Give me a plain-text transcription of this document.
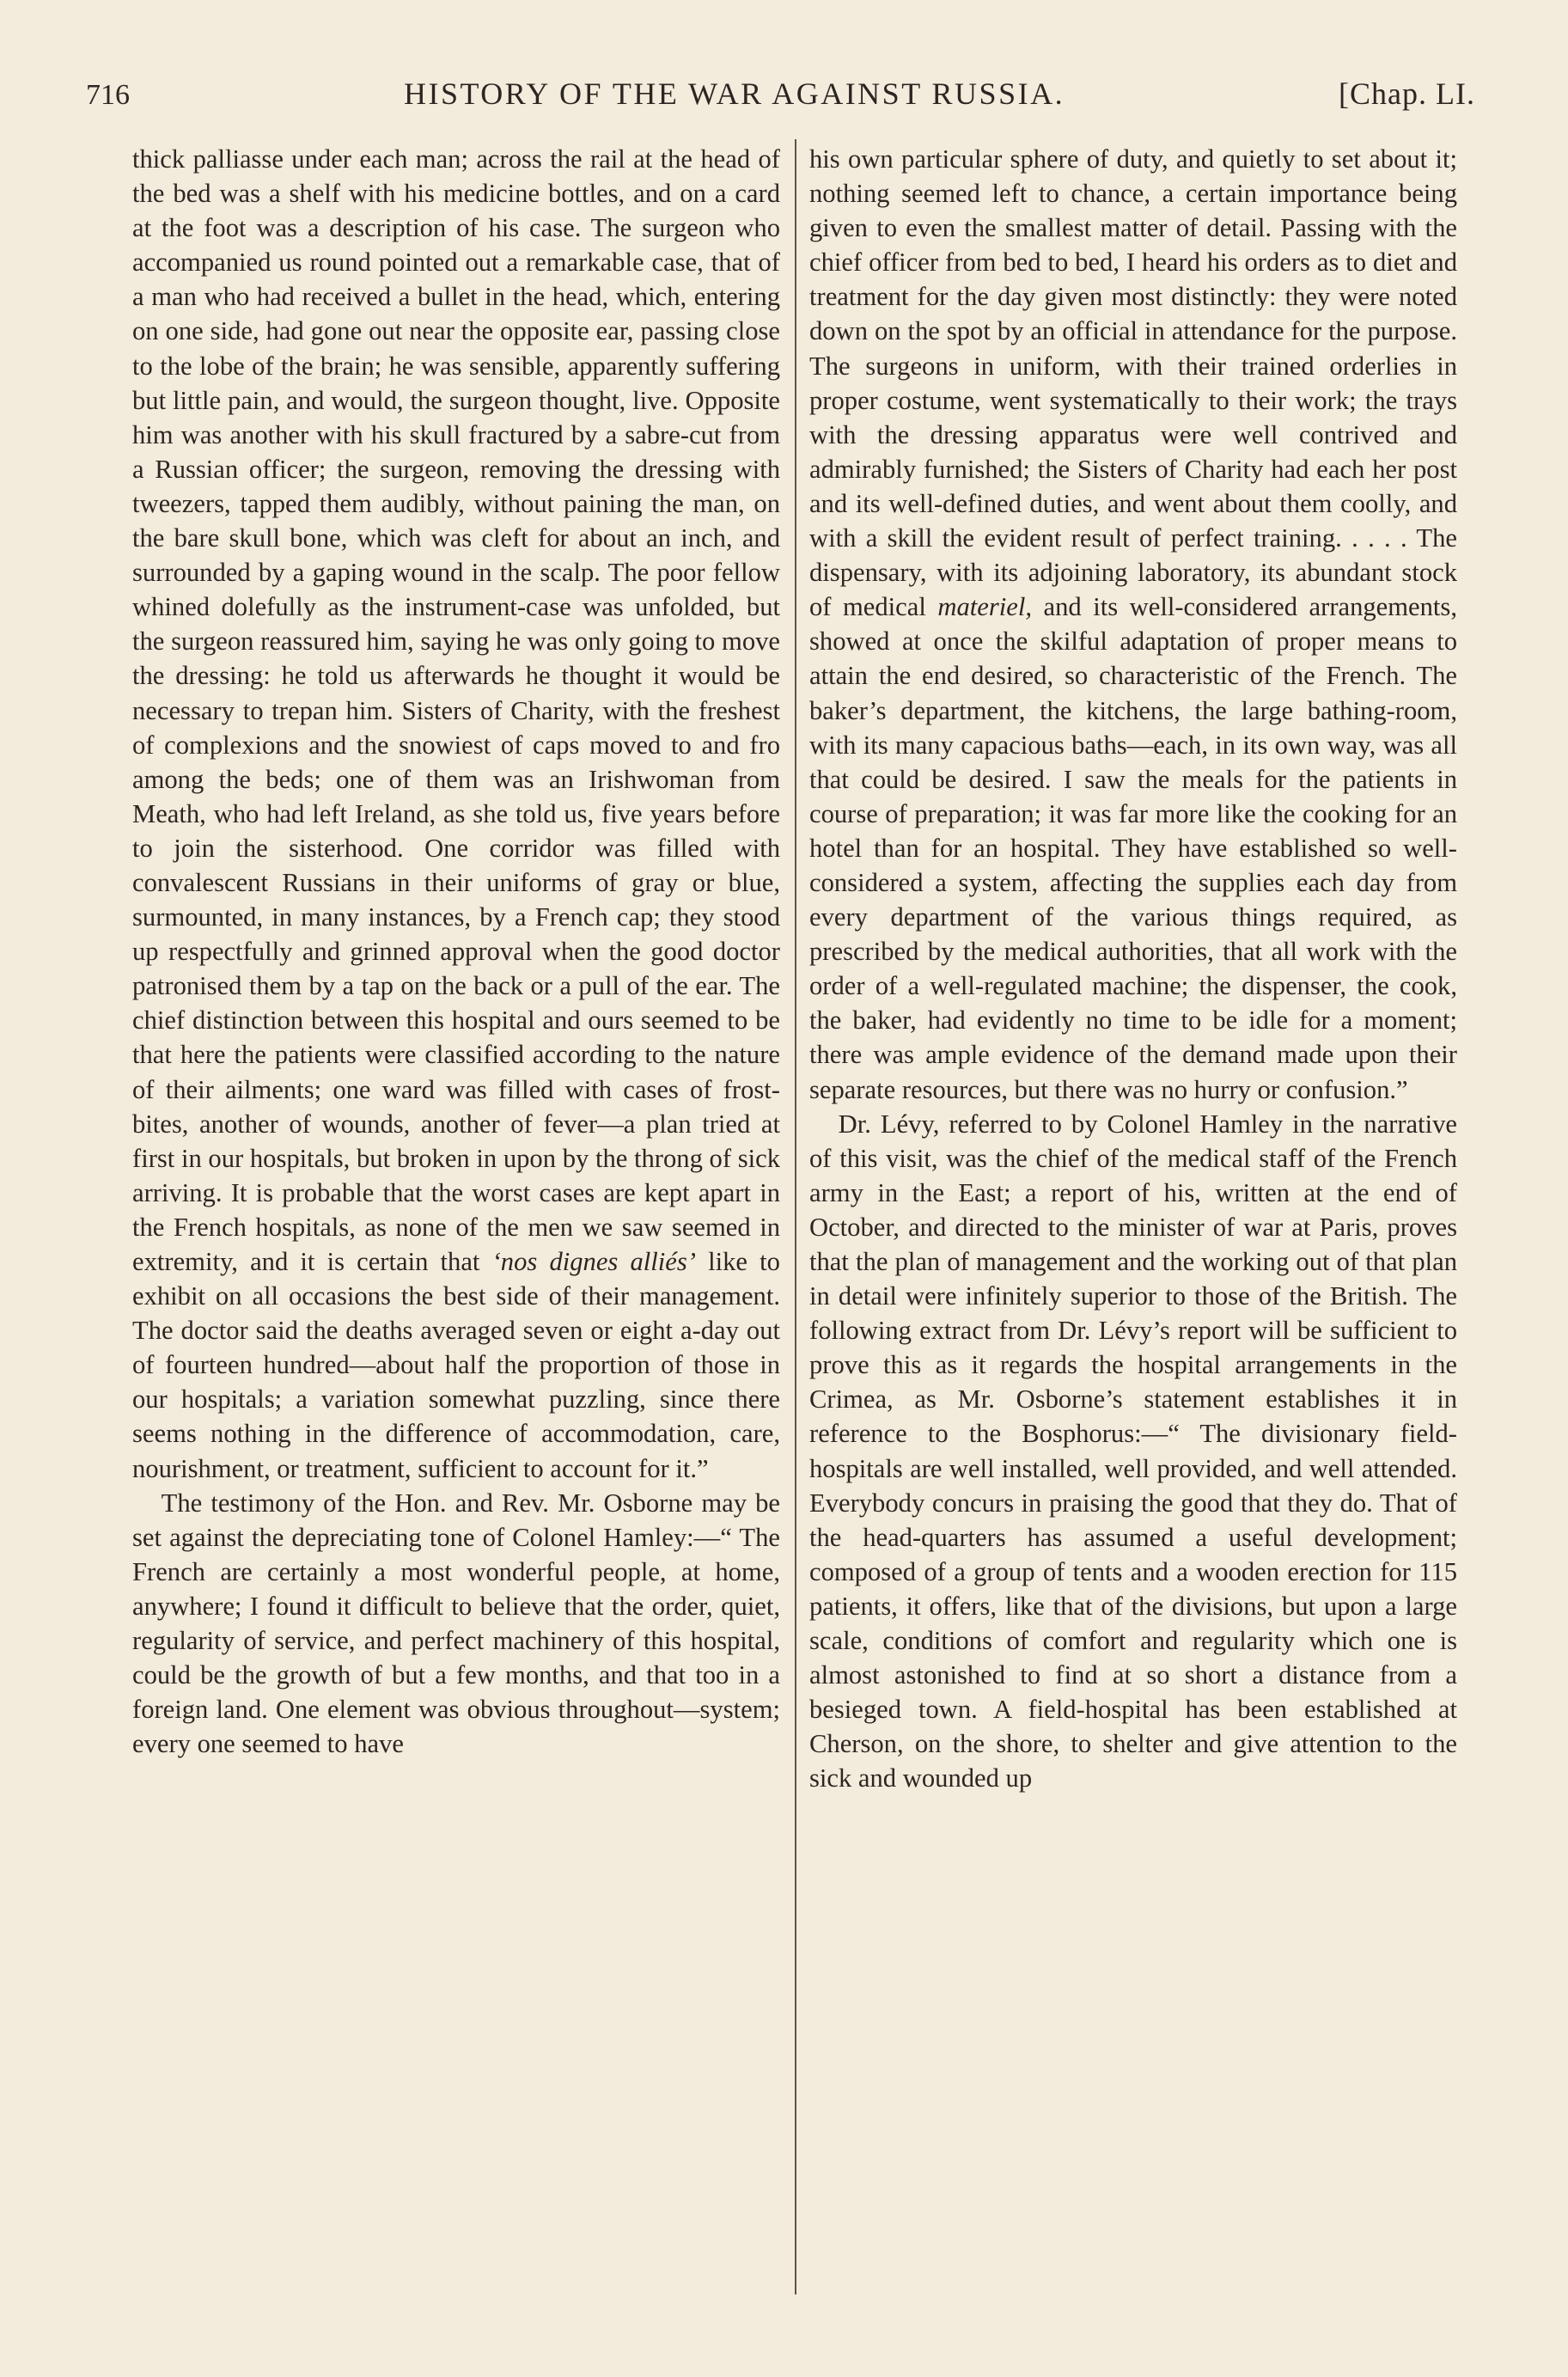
716	HISTORY OF THE WAR AGAINST RUSSIA.	[Chap. LI.

thick palliasse under each man; across the rail at the head of the bed was a shelf with his medicine bottles, and on a card at the foot was a description of his case. The surgeon who accompanied us round pointed out a remarkable case, that of a man who had received a bullet in the head, which, entering on one side, had gone out near the opposite ear, passing close to the lobe of the brain; he was sensible, apparently suffering but little pain, and would, the surgeon thought, live. Opposite him was another with his skull fractured by a sabre-cut from a Russian officer; the surgeon, removing the dressing with tweezers, tapped them audibly, without paining the man, on the bare skull bone, which was cleft for about an inch, and surrounded by a gaping wound in the scalp. The poor fellow whined dolefully as the instrument-case was unfolded, but the surgeon reassured him, saying he was only going to move the dressing: he told us afterwards he thought it would be necessary to trepan him. Sisters of Charity, with the freshest of complexions and the snowiest of caps moved to and fro among the beds; one of them was an Irishwoman from Meath, who had left Ireland, as she told us, five years before to join the sisterhood. One corridor was filled with convalescent Russians in their uniforms of gray or blue, surmounted, in many instances, by a French cap; they stood up respectfully and grinned approval when the good doctor patronised them by a tap on the back or a pull of the ear. The chief distinction between this hospital and ours seemed to be that here the patients were classified according to the nature of their ailments; one ward was filled with cases of frost-bites, another of wounds, another of fever—a plan tried at first in our hospitals, but broken in upon by the throng of sick arriving. It is probable that the worst cases are kept apart in the French hospitals, as none of the men we saw seemed in extremity, and it is certain that ‘nos dignes alliés’ like to exhibit on all occasions the best side of their management. The doctor said the deaths averaged seven or eight a-day out of fourteen hundred—about half the proportion of those in our hospitals; a variation somewhat puzzling, since there seems nothing in the difference of accommodation, care, nourishment, or treatment, sufficient to account for it.”

The testimony of the Hon. and Rev. Mr. Osborne may be set against the depreciating tone of Colonel Hamley:—“ The French are certainly a most wonderful people, at home, anywhere; I found it difficult to believe that the order, quiet, regularity of service, and perfect machinery of this hospital, could be the growth of but a few months, and that too in a foreign land. One element was obvious throughout—system; every one seemed to have

his own particular sphere of duty, and quietly to set about it; nothing seemed left to chance, a certain importance being given to even the smallest matter of detail. Passing with the chief officer from bed to bed, I heard his orders as to diet and treatment for the day given most distinctly: they were noted down on the spot by an official in attendance for the purpose. The surgeons in uniform, with their trained orderlies in proper costume, went systematically to their work; the trays with the dressing apparatus were well contrived and admirably furnished; the Sisters of Charity had each her post and its well-defined duties, and went about them coolly, and with a skill the evident result of perfect training. . . . . The dispensary, with its adjoining laboratory, its abundant stock of medical materiel, and its well-considered arrangements, showed at once the skilful adaptation of proper means to attain the end desired, so characteristic of the French. The baker’s department, the kitchens, the large bathing-room, with its many capacious baths—each, in its own way, was all that could be desired. I saw the meals for the patients in course of preparation; it was far more like the cooking for an hotel than for an hospital. They have established so well-considered a system, affecting the supplies each day from every department of the various things required, as prescribed by the medical authorities, that all work with the order of a well-regulated machine; the dispenser, the cook, the baker, had evidently no time to be idle for a moment; there was ample evidence of the demand made upon their separate resources, but there was no hurry or confusion.”

Dr. Lévy, referred to by Colonel Hamley in the narrative of this visit, was the chief of the medical staff of the French army in the East; a report of his, written at the end of October, and directed to the minister of war at Paris, proves that the plan of management and the working out of that plan in detail were infinitely superior to those of the British. The following extract from Dr. Lévy’s report will be sufficient to prove this as it regards the hospital arrangements in the Crimea, as Mr. Osborne’s statement establishes it in reference to the Bosphorus:—“ The divisionary field-hospitals are well installed, well provided, and well attended. Everybody concurs in praising the good that they do. That of the head-quarters has assumed a useful development; composed of a group of tents and a wooden erection for 115 patients, it offers, like that of the divisions, but upon a large scale, conditions of comfort and regularity which one is almost astonished to find at so short a distance from a besieged town. A field-hospital has been established at Cherson, on the shore, to shelter and give attention to the sick and wounded up
